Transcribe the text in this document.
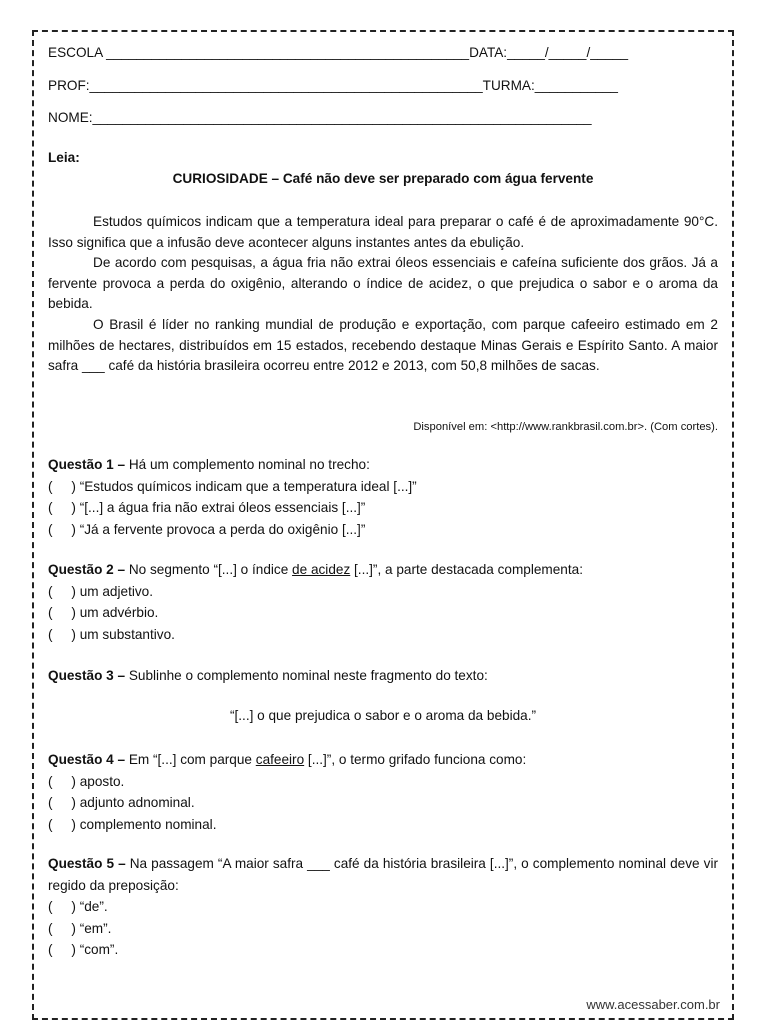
ESCOLA ________________________________________________DATA:_____/_____/_____
PROF:____________________________________________________TURMA:___________
NOME:__________________________________________________________________
Leia:
CURIOSIDADE – Café não deve ser preparado com água fervente

Estudos químicos indicam que a temperatura ideal para preparar o café é de aproximadamente 90°C. Isso significa que a infusão deve acontecer alguns instantes antes da ebulição.

De acordo com pesquisas, a água fria não extrai óleos essenciais e cafeína suficiente dos grãos. Já a fervente provoca a perda do oxigênio, alterando o índice de acidez, o que prejudica o sabor e o aroma da bebida.

O Brasil é líder no ranking mundial de produção e exportação, com parque cafeeiro estimado em 2 milhões de hectares, distribuídos em 15 estados, recebendo destaque Minas Gerais e Espírito Santo. A maior safra ___ café da história brasileira ocorreu entre 2012 e 2013, com 50,8 milhões de sacas.

Disponível em: <http://www.rankbrasil.com.br>. (Com cortes).

Questão 1 – Há um complemento nominal no trecho:

(     ) “Estudos químicos indicam que a temperatura ideal [...]”

(     ) “[...] a água fria não extrai óleos essenciais [...]”

(     ) “Já a fervente provoca a perda do oxigênio [...]”

Questão 2 – No segmento “[...] o índice de acidez [...]”, a parte destacada complementa:

(     ) um adjetivo.

(     ) um advérbio.

(     ) um substantivo.

Questão 3 – Sublinhe o complemento nominal neste fragmento do texto:

“[...] o que prejudica o sabor e o aroma da bebida.”

Questão 4 – Em “[...] com parque cafeeiro [...]”, o termo grifado funciona como:

(     ) aposto.

(     ) adjunto adnominal.

(     ) complemento nominal.

Questão 5 – Na passagem “A maior safra ___ café da história brasileira [...]”, o complemento nominal deve vir regido da preposição:

(     ) “de”.

(     ) “em”.

(     ) “com”.

www.acessaber.com.br
